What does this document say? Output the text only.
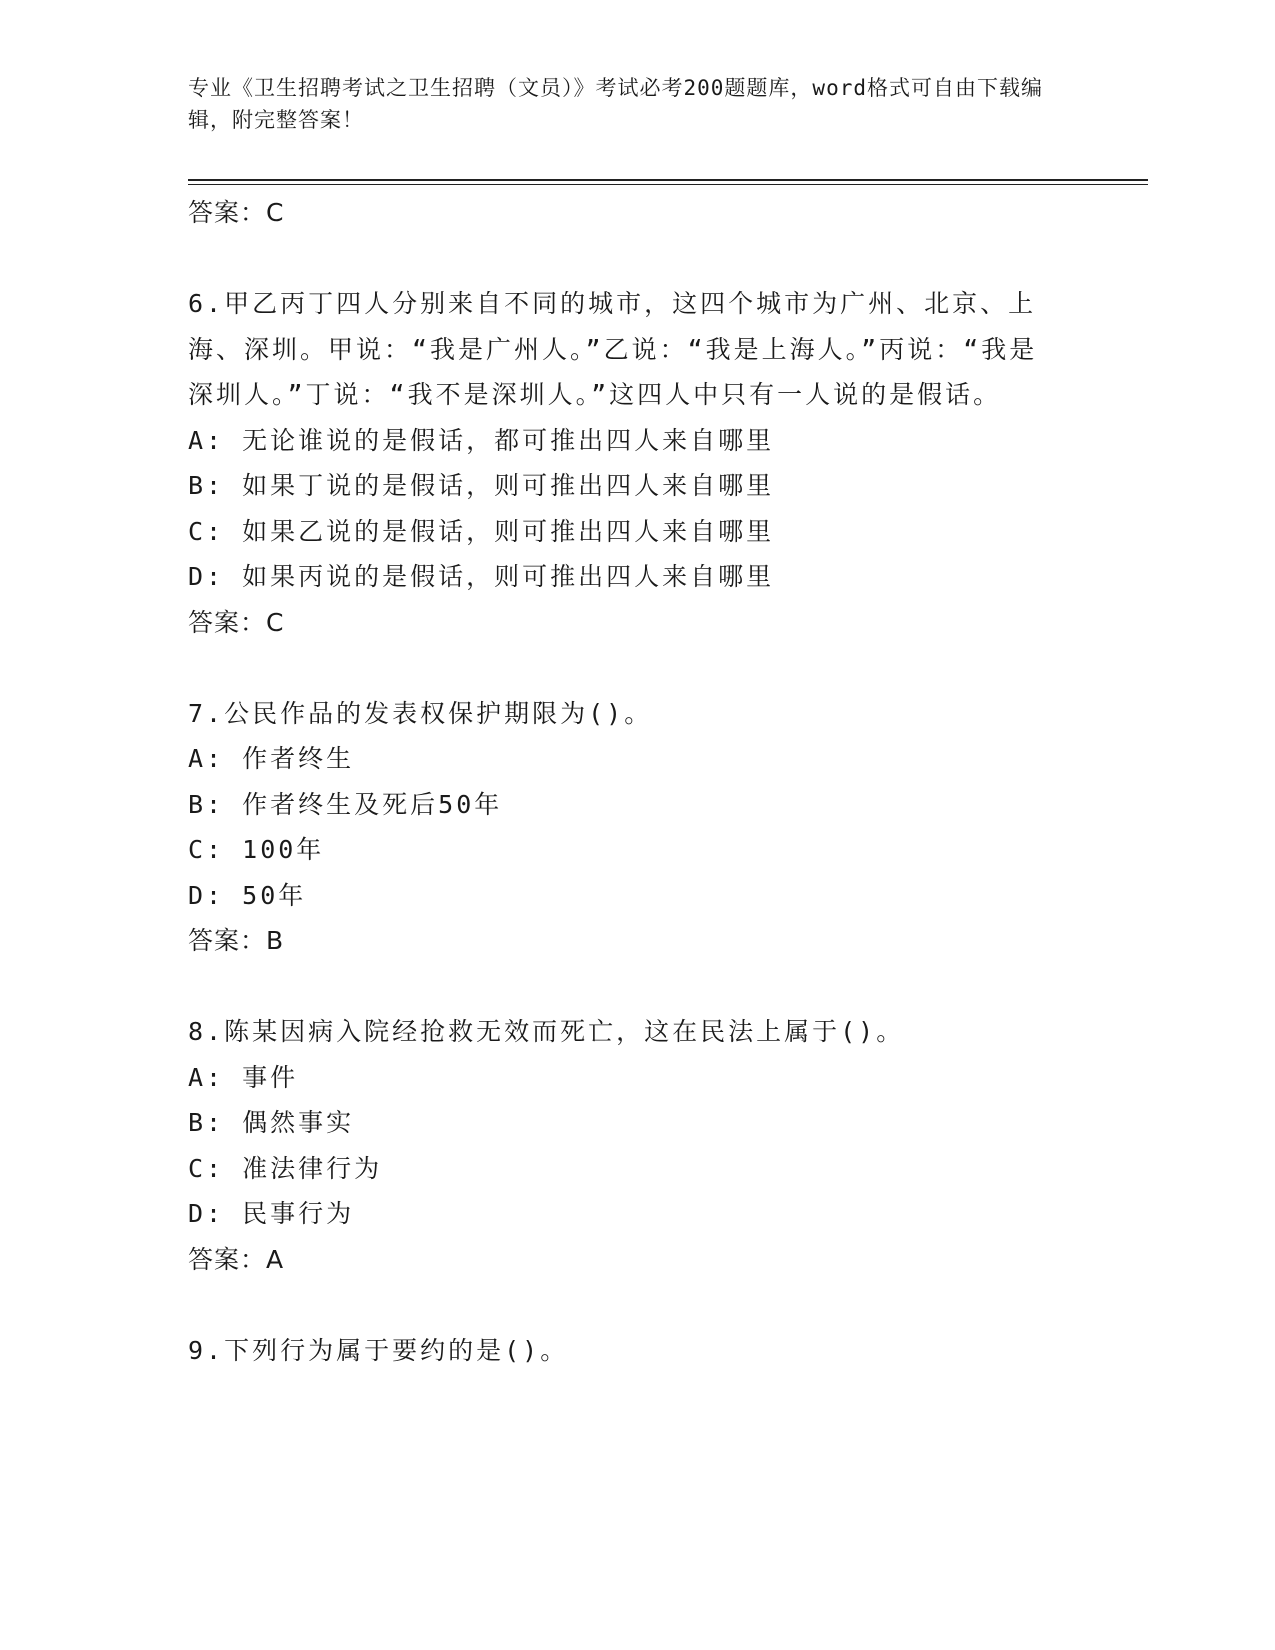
专业《卫生招聘考试之卫生招聘（文员）》考试必考200题题库，word格式可自由下载编辑，附完整答案！
答案：C
6.甲乙丙丁四人分别来自不同的城市，这四个城市为广州、北京、上海、深圳。甲说：“我是广州人。”乙说：“我是上海人。”丙说：“我是深圳人。”丁说：“我不是深圳人。”这四人中只有一人说的是假话。
A: 无论谁说的是假话，都可推出四人来自哪里
B: 如果丁说的是假话，则可推出四人来自哪里
C: 如果乙说的是假话，则可推出四人来自哪里
D: 如果丙说的是假话，则可推出四人来自哪里
答案：C
7.公民作品的发表权保护期限为()。
A: 作者终生
B: 作者终生及死后50年
C: 100年
D: 50年
答案：B
8.陈某因病入院经抢救无效而死亡，这在民法上属于()。
A: 事件
B: 偶然事实
C: 准法律行为
D: 民事行为
答案：A
9.下列行为属于要约的是()。
